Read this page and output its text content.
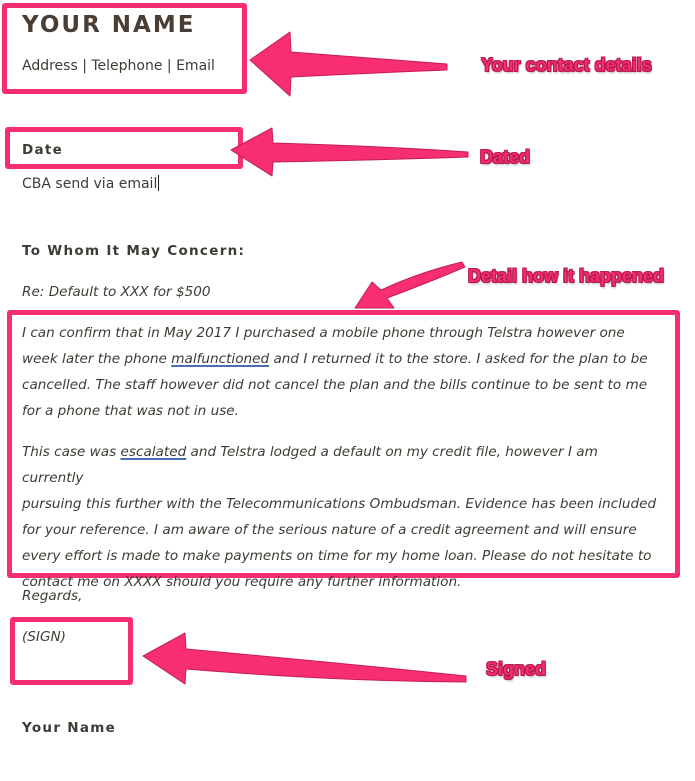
YOUR NAME
Address | Telephone | Email
Date
CBA send via email
To Whom It May Concern:
Re: Default to XXX for $500
I can confirm that in May 2017 I purchased a mobile phone through Telstra however one
week later the phone malfunctioned and I returned it to the store. I asked for the plan to be
cancelled. The staff however did not cancel the plan and the bills continue to be sent to me
for a phone that was not in use.
This case was escalated and Telstra lodged a default on my credit file, however I am currently
pursuing this further with the Telecommunications Ombudsman. Evidence has been included
for your reference. I am aware of the serious nature of a credit agreement and will ensure
every effort is made to make payments on time for my home loan. Please do not hesitate to
contact me on XXXX should you require any further information.
Regards,
(SIGN)
Your Name
Your contact details
Dated
Detail how it happened
Signed
